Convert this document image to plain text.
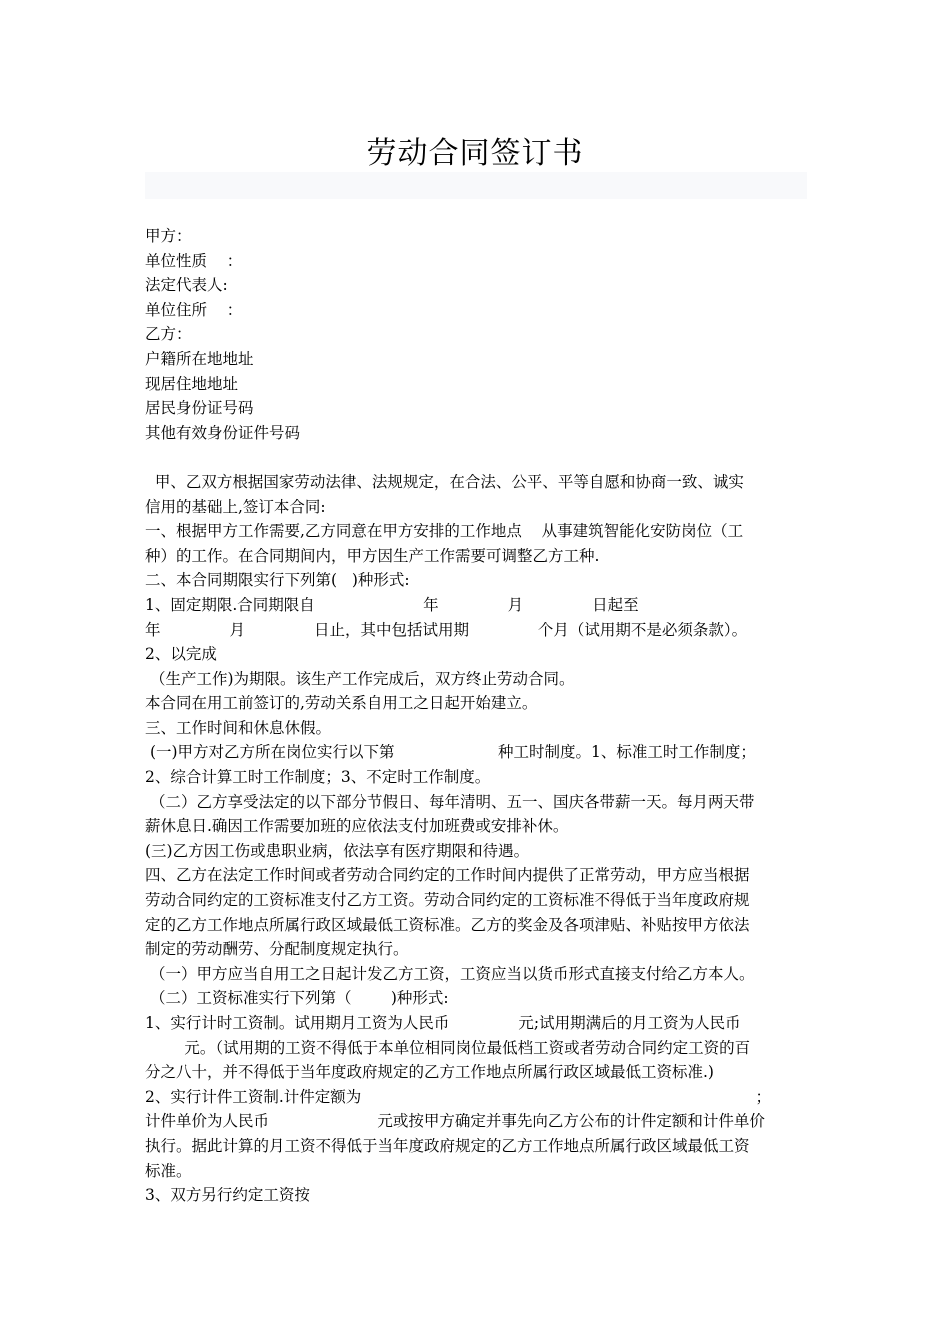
劳动合同签订书

甲方：

单位性质    ：

法定代表人:

单位住所    ：

乙方：

户籍所在地地址

现居住地地址

居民身份证号码

其他有效身份证件号码

甲、乙双方根据国家劳动法律、法规规定，在合法、公平、平等自愿和协商一致、诚实

信用的基础上,签订本合同:

一、根据甲方工作需要,乙方同意在甲方安排的工作地点    从事建筑智能化安防岗位（工

种）的工作。在合同期间内，甲方因生产工作需要可调整乙方工种.

二、本合同期限实行下列第(   )种形式:

1、固定期限.合同期限自                      年              月              日起至

年              月              日止，其中包括试用期              个月（试用期不是必须条款）。

2、以完成

（生产工作)为期限。该生产工作完成后，双方终止劳动合同。

本合同在用工前签订的,劳动关系自用工之日起开始建立。

三、工作时间和休息休假。

(一)甲方对乙方所在岗位实行以下第                     种工时制度。1、标准工时工作制度；

2、综合计算工时工作制度；3、不定时工作制度。

（二）乙方享受法定的以下部分节假日、每年清明、五一、国庆各带薪一天。每月两天带

薪休息日.确因工作需要加班的应依法支付加班费或安排补休。

(三)乙方因工伤或患职业病，依法享有医疗期限和待遇。

四、乙方在法定工作时间或者劳动合同约定的工作时间内提供了正常劳动，甲方应当根据

劳动合同约定的工资标准支付乙方工资。劳动合同约定的工资标准不得低于当年度政府规

定的乙方工作地点所属行政区域最低工资标准。乙方的奖金及各项津贴、补贴按甲方依法

制定的劳动酬劳、分配制度规定执行。

（一）甲方应当自用工之日起计发乙方工资，工资应当以货币形式直接支付给乙方本人。

（二）工资标准实行下列第（        )种形式:

1、实行计时工资制。试用期月工资为人民币              元;试用期满后的月工资为人民币

元。（试用期的工资不得低于本单位相同岗位最低档工资或者劳动合同约定工资的百

分之八十，并不得低于当年度政府规定的乙方工作地点所属行政区域最低工资标准.)

2、实行计件工资制.计件定额为                                                                                ；

计件单价为人民币                      元或按甲方确定并事先向乙方公布的计件定额和计件单价

执行。据此计算的月工资不得低于当年度政府规定的乙方工作地点所属行政区域最低工资

标准。

3、双方另行约定工资按
